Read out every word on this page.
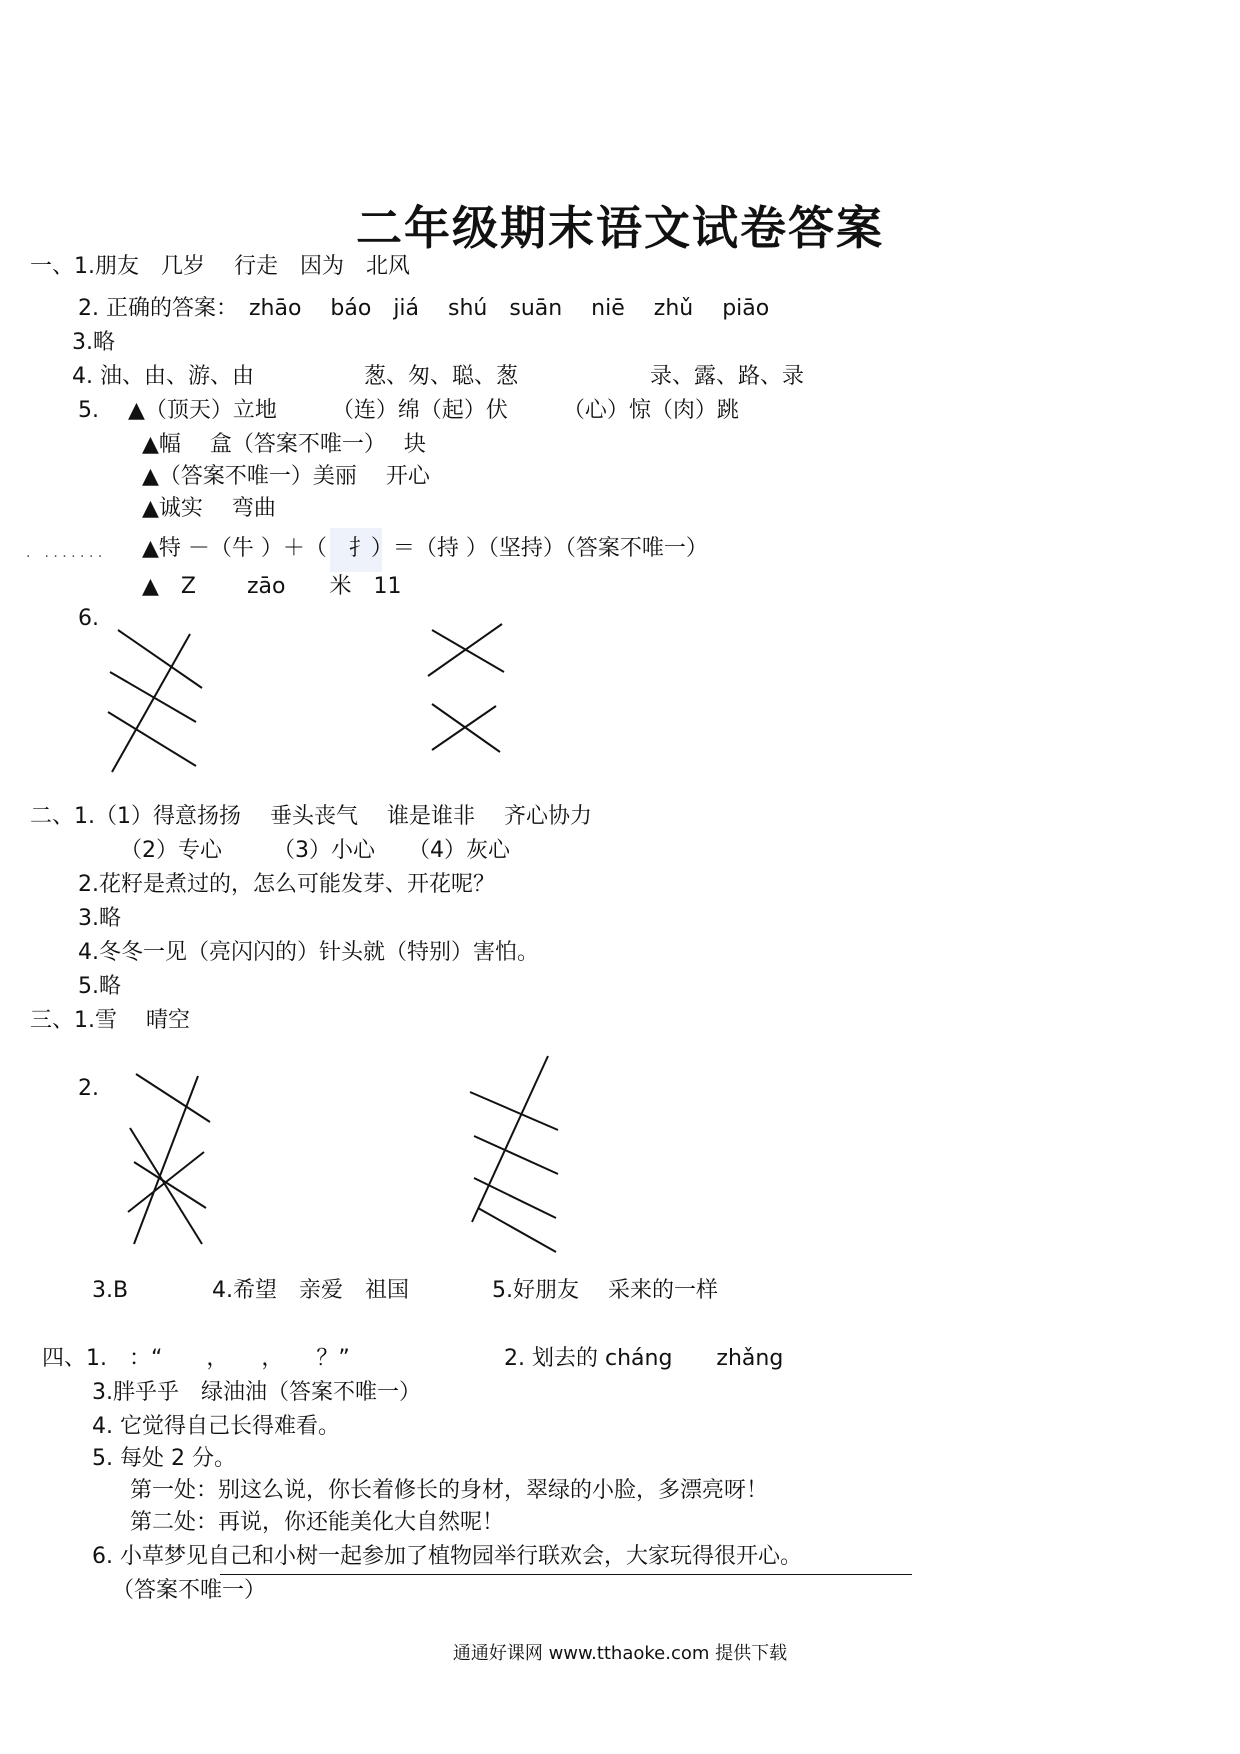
二年级期末语文试卷答案
一、1.朋友　几岁　 行走　因为　北风
2. 正确的答案：　zhāo　 báo　jiá　 shú　suān　 niē　 zhǔ　 piāo
3.略
4. 油、由、游、由　　　　　葱、匆、聪、葱　　　　　　录、露、路、录
5.　 ▲（顶天）立地　　　（连）绵（起）伏　　　（心）惊（肉）跳
▲幅　 盒（答案不唯一）　 块
▲（答案不唯一）美丽　 开心
▲诚实　 弯曲
.　. . . . . . . ▲特 －（牛 ）＋（　扌）＝（持 ）（坚持）（答案不唯一）
▲　Z　　 zāo　　米　11
6.
二、1.（1）得意扬扬　 垂头丧气　 谁是谁非　 齐心协力
（2）专心　　 （3）小心　　（4）灰心
2.花籽是煮过的，怎么可能发芽、开花呢？
3.略
4.冬冬一见（亮闪闪的）针头就（特别）害怕。
5.略
三、1.雪　 晴空
2.
3.B	4.希望　亲爱　祖国	5.好朋友　 采来的一样
四、1.　：“　　，　　，　　？”	2. 划去的 cháng　　zhǎng
3.胖乎乎　绿油油（答案不唯一）
4. 它觉得自己长得难看。
5. 每处 2 分。
第一处：别这么说，你长着修长的身材，翠绿的小脸，多漂亮呀！
第二处：再说，你还能美化大自然呢！
6. 小草梦见自己和小树一起参加了植物园举行联欢会，大家玩得很开心。
（答案不唯一）
通通好课网 www.tthaoke.com 提供下载
